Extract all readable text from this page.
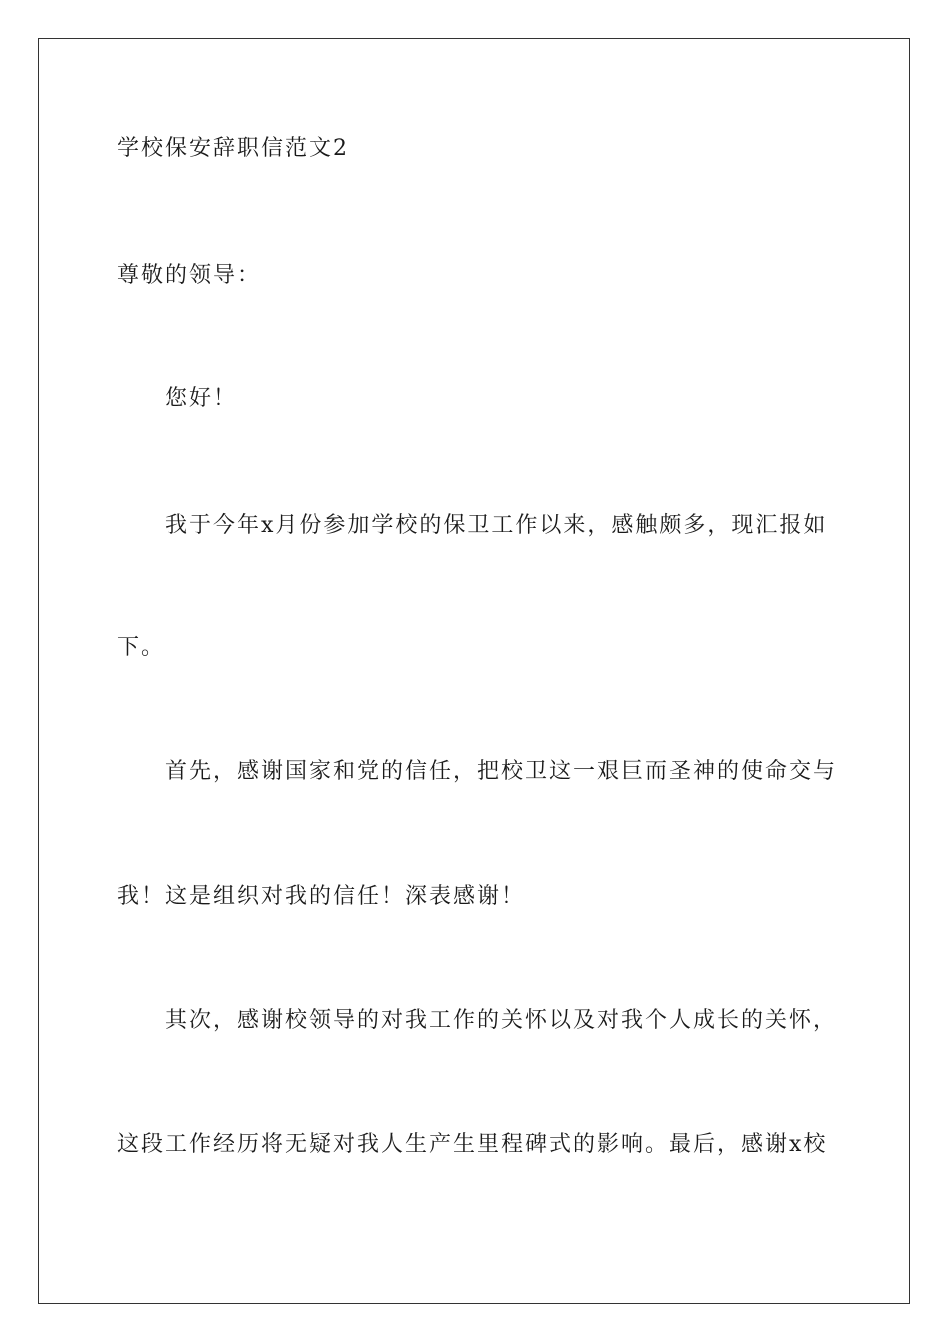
学校保安辞职信范文2
尊敬的领导：
您好！
我于今年x月份参加学校的保卫工作以来，感触颇多，现汇报如
下。
首先，感谢国家和党的信任，把校卫这一艰巨而圣神的使命交与
我！这是组织对我的信任！深表感谢！
其次，感谢校领导的对我工作的关怀以及对我个人成长的关怀，
这段工作经历将无疑对我人生产生里程碑式的影响。最后，感谢x校
